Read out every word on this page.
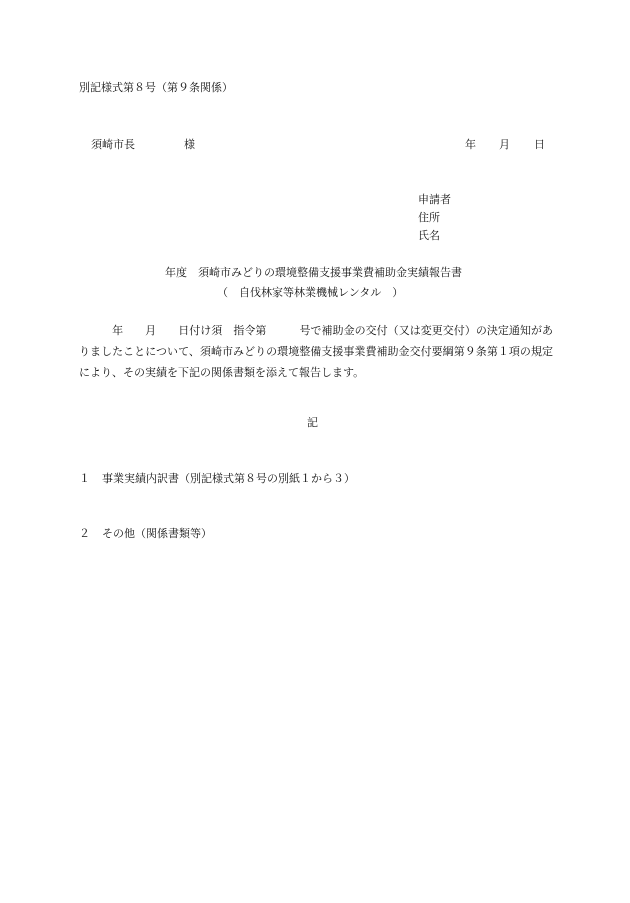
別記様式第８号（第９条関係）
須崎市長	様	年 月 日
申請者
住所
氏名
年度　須崎市みどりの環境整備支援事業費補助金実績報告書
（　自伐林家等林業機械レンタル　）
　　　年　　月　　日付け須　指令第　　　号で補助金の交付（又は変更交付）の決定通知がありましたことについて、須崎市みどりの環境整備支援事業費補助金交付要綱第９条第１項の規定により、その実績を下記の関係書類を添えて報告します。
記
１ 事業実績内訳書（別記様式第８号の別紙１から３）
２ その他（関係書類等）
